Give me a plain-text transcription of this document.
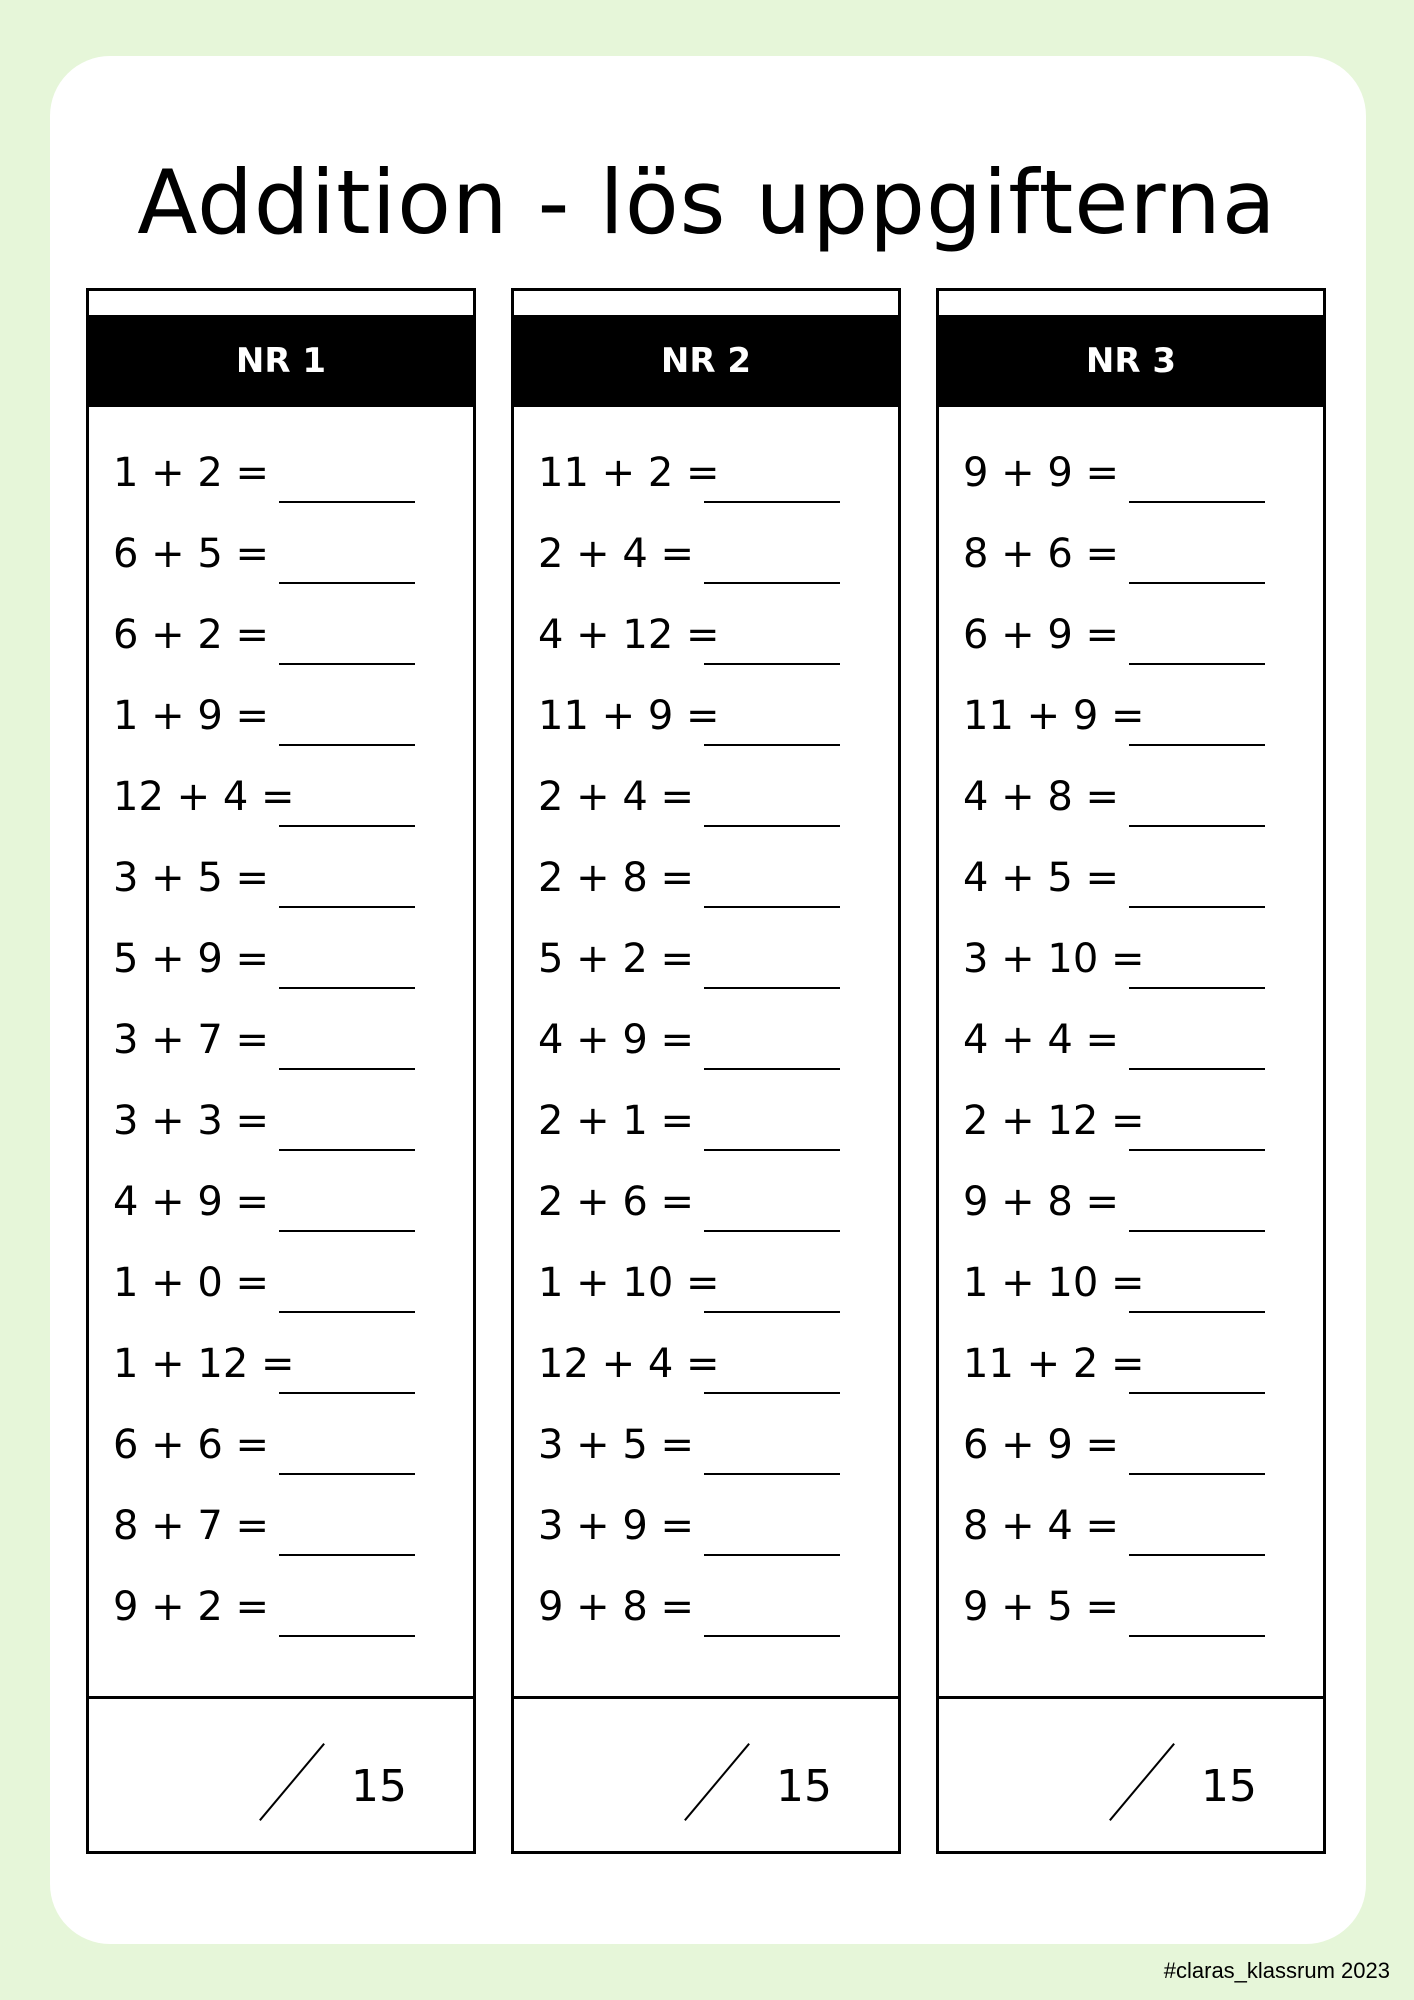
Addition - lös uppgifterna
NR 1
1 + 2 =
6 + 5 =
6 + 2 =
1 + 9 =
12 + 4 =
3 + 5 =
5 + 9 =
3 + 7 =
3 + 3 =
4 + 9 =
1 + 0 =
1 + 12 =
6 + 6 =
8 + 7 =
9 + 2 =
15
NR 2
11 + 2 =
2 + 4 =
4 + 12 =
11 + 9 =
2 + 4 =
2 + 8 =
5 + 2 =
4 + 9 =
2 + 1 =
2 + 6 =
1 + 10 =
12 + 4 =
3 + 5 =
3 + 9 =
9 + 8 =
15
NR 3
9 + 9 =
8 + 6 =
6 + 9 =
11 + 9 =
4 + 8 =
4 + 5 =
3 + 10 =
4 + 4 =
2 + 12 =
9 + 8 =
1 + 10 =
11 + 2 =
6 + 9 =
8 + 4 =
9 + 5 =
15
#claras_klassrum 2023
